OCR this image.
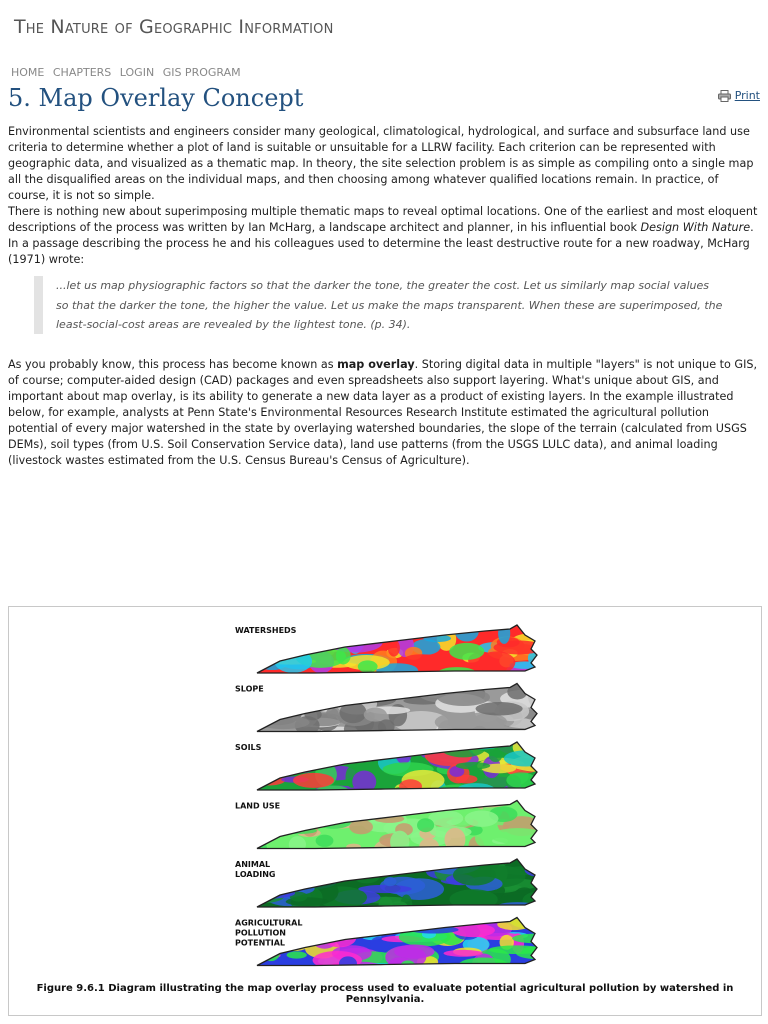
The Nature of Geographic Information
HOME CHAPTERS LOGIN GIS PROGRAM
5. Map Overlay Concept	Print

Environmental scientists and engineers consider many geological, climatological, hydrological, and surface and subsurface land use criteria to determine whether a plot of land is suitable or unsuitable for a LLRW facility. Each criterion can be represented with geographic data, and visualized as a thematic map. In theory, the site selection problem is as simple as compiling onto a single map all the disqualified areas on the individual maps, and then choosing among whatever qualified locations remain. In practice, of course, it is not so simple.

There is nothing new about superimposing multiple thematic maps to reveal optimal locations. One of the earliest and most eloquent descriptions of the process was written by Ian McHarg, a landscape architect and planner, in his influential book Design With Nature. In a passage describing the process he and his colleagues used to determine the least destructive route for a new roadway, McHarg (1971) wrote:

...let us map physiographic factors so that the darker the tone, the greater the cost. Let us similarly map social values so that the darker the tone, the higher the value. Let us make the maps transparent. When these are superimposed, the least-social-cost areas are revealed by the lightest tone. (p. 34).

As you probably know, this process has become known as map overlay. Storing digital data in multiple "layers" is not unique to GIS, of course; computer-aided design (CAD) packages and even spreadsheets also support layering. What's unique about GIS, and important about map overlay, is its ability to generate a new data layer as a product of existing layers. In the example illustrated below, for example, analysts at Penn State's Environmental Resources Research Institute estimated the agricultural pollution potential of every major watershed in the state by overlaying watershed boundaries, the slope of the terrain (calculated from USGS DEMs), soil types (from U.S. Soil Conservation Service data), land use patterns (from the USGS LULC data), and animal loading (livestock wastes estimated from the U.S. Census Bureau's Census of Agriculture).

WATERSHEDS
SLOPE
SOILS
LAND USE
ANIMAL LOADING
AGRICULTURAL POLLUTION POTENTIAL
Figure 9.6.1 Diagram illustrating the map overlay process used to evaluate potential agricultural pollution by watershed in Pennsylvania.
